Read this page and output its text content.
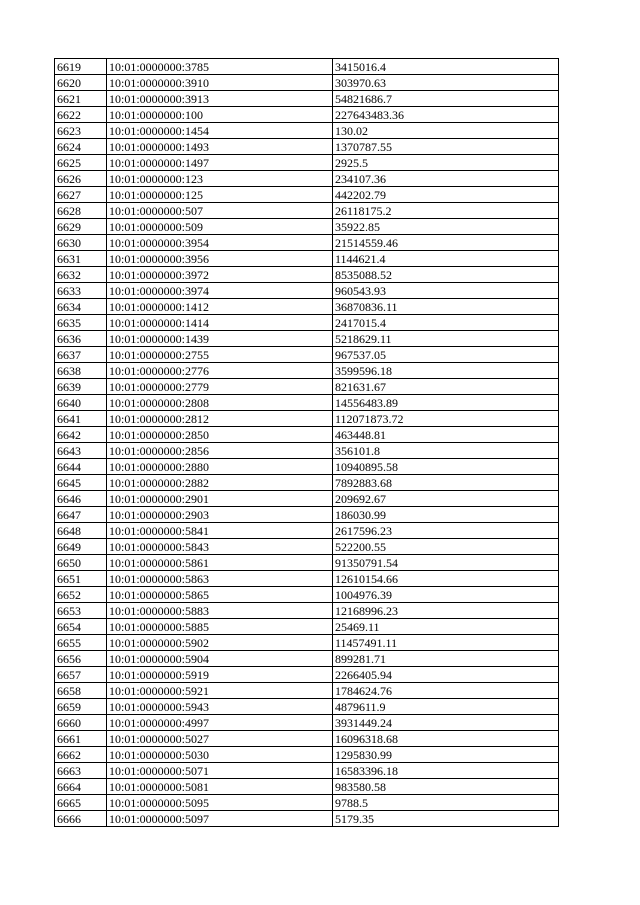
6619	10:01:0000000:3785	3415016.4
6620	10:01:0000000:3910	303970.63
6621	10:01:0000000:3913	54821686.7
6622	10:01:0000000:100	227643483.36
6623	10:01:0000000:1454	130.02
6624	10:01:0000000:1493	1370787.55
6625	10:01:0000000:1497	2925.5
6626	10:01:0000000:123	234107.36
6627	10:01:0000000:125	442202.79
6628	10:01:0000000:507	26118175.2
6629	10:01:0000000:509	35922.85
6630	10:01:0000000:3954	21514559.46
6631	10:01:0000000:3956	1144621.4
6632	10:01:0000000:3972	8535088.52
6633	10:01:0000000:3974	960543.93
6634	10:01:0000000:1412	36870836.11
6635	10:01:0000000:1414	2417015.4
6636	10:01:0000000:1439	5218629.11
6637	10:01:0000000:2755	967537.05
6638	10:01:0000000:2776	3599596.18
6639	10:01:0000000:2779	821631.67
6640	10:01:0000000:2808	14556483.89
6641	10:01:0000000:2812	112071873.72
6642	10:01:0000000:2850	463448.81
6643	10:01:0000000:2856	356101.8
6644	10:01:0000000:2880	10940895.58
6645	10:01:0000000:2882	7892883.68
6646	10:01:0000000:2901	209692.67
6647	10:01:0000000:2903	186030.99
6648	10:01:0000000:5841	2617596.23
6649	10:01:0000000:5843	522200.55
6650	10:01:0000000:5861	91350791.54
6651	10:01:0000000:5863	12610154.66
6652	10:01:0000000:5865	1004976.39
6653	10:01:0000000:5883	12168996.23
6654	10:01:0000000:5885	25469.11
6655	10:01:0000000:5902	11457491.11
6656	10:01:0000000:5904	899281.71
6657	10:01:0000000:5919	2266405.94
6658	10:01:0000000:5921	1784624.76
6659	10:01:0000000:5943	4879611.9
6660	10:01:0000000:4997	3931449.24
6661	10:01:0000000:5027	16096318.68
6662	10:01:0000000:5030	1295830.99
6663	10:01:0000000:5071	16583396.18
6664	10:01:0000000:5081	983580.58
6665	10:01:0000000:5095	9788.5
6666	10:01:0000000:5097	5179.35
